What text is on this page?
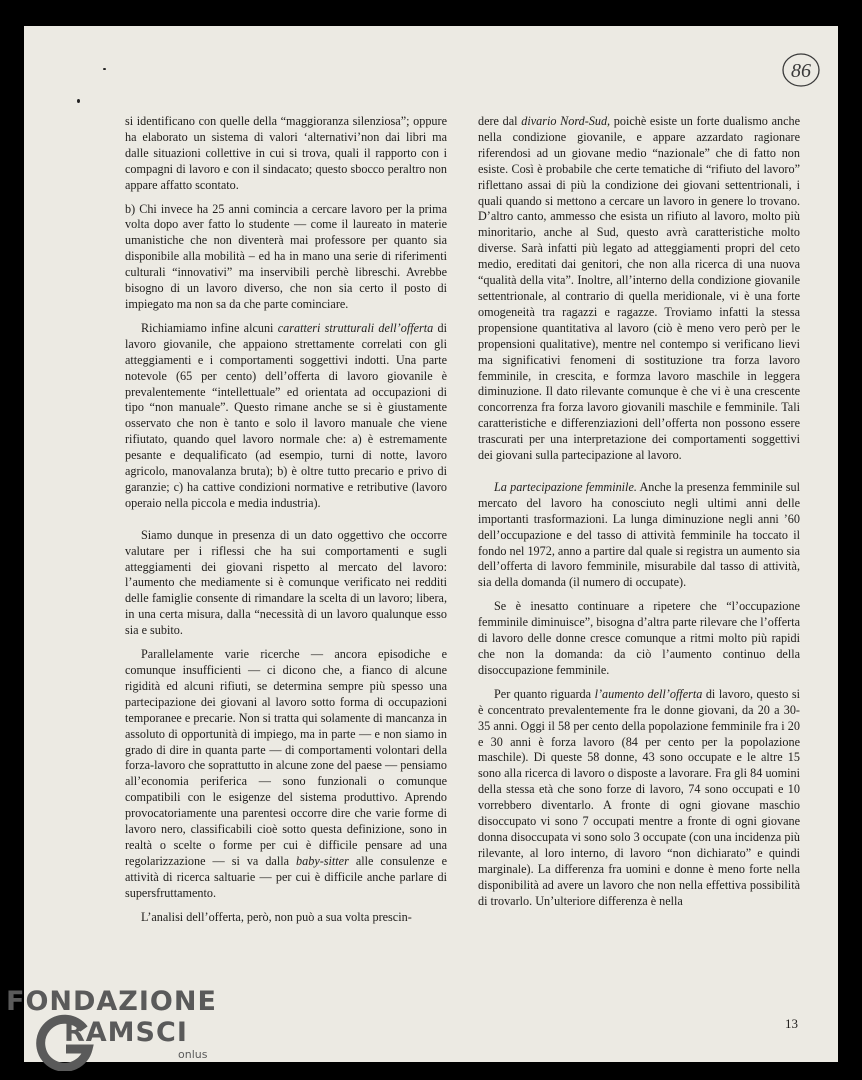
86

si identificano con quelle della “maggioranza silenziosa”; oppure ha elaborato un sistema di valori ‘alternativi’non dai libri ma dalle situazioni collettive in cui si trova, quali il rapporto con i compagni di lavoro e con il sindacato; questo sbocco peraltro non appare affatto scontato.

b) Chi invece ha 25 anni comincia a cercare lavoro per la prima volta dopo aver fatto lo studente — come il laureato in materie umanistiche che non diventerà mai professore per quanto sia disponibile alla mobilità – ed ha in mano una serie di riferimenti culturali “innovativi” ma inservibili perchè libreschi. Avrebbe bisogno di un lavoro diverso, che non sia certo il posto di impiegato ma non sa da che parte cominciare.

Richiamiamo infine alcuni caratteri strutturali dell’offerta di lavoro giovanile, che appaiono strettamente correlati con gli atteggiamenti e i comportamenti soggettivi indotti. Una parte notevole (65 per cento) dell’offerta di lavoro giovanile è prevalentemente “intellettuale” ed orientata ad occupazioni di tipo “non manuale”. Questo rimane anche se si è giustamente osservato che non è tanto e solo il lavoro manuale che viene rifiutato, quando quel lavoro normale che: a) è estremamente pesante e dequalificato (ad esempio, turni di notte, lavoro agricolo, manovalanza bruta); b) è oltre tutto precario e privo di garanzie; c) ha cattive condizioni normative e retributive (lavoro operaio nella piccola e media industria).

Siamo dunque in presenza di un dato oggettivo che occorre valutare per i riflessi che ha sui comportamenti e sugli atteggiamenti dei giovani rispetto al mercato del lavoro: l’aumento che mediamente si è comunque verificato nei redditi delle famiglie consente di rimandare la scelta di un lavoro; libera, in una certa misura, dalla “necessità di un lavoro qualunque esso sia e subito.

Parallelamente varie ricerche — ancora episodiche e comunque insufficienti — ci dicono che, a fianco di alcune rigidità ed alcuni rifiuti, se determina sempre più spesso una partecipazione dei giovani al lavoro sotto forma di occupazioni temporanee e precarie. Non si tratta qui solamente di mancanza in assoluto di opportunità di impiego, ma in parte — e non siamo in grado di dire in quanta parte — di comportamenti volontari della forza-lavoro che soprattutto in alcune zone del paese — pensiamo all’economia periferica — sono funzionali o comunque compatibili con le esigenze del sistema produttivo. Aprendo provocatoriamente una parentesi occorre dire che varie forme di lavoro nero, classificabili cioè sotto questa definizione, sono in realtà o scelte o forme per cui è difficile pensare ad una regolarizzazione — si va dalla baby-sitter alle consulenze e attività di ricerca saltuarie — per cui è difficile anche parlare di supersfruttamento.

L’analisi dell’offerta, però, non può a sua volta prescin-

dere dal divario Nord-Sud, poichè esiste un forte dualismo anche nella condizione giovanile, e appare azzardato ragionare riferendosi ad un giovane medio “nazionale” che di fatto non esiste. Così è probabile che certe tematiche di “rifiuto del lavoro” riflettano assai di più la condizione dei giovani settentrionali, i quali quando si mettono a cercare un lavoro in genere lo trovano. D’altro canto, ammesso che esista un rifiuto al lavoro, molto più minoritario, anche al Sud, questo avrà caratteristiche molto diverse. Sarà infatti più legato ad atteggiamenti propri del ceto medio, ereditati dai genitori, che non alla ricerca di una nuova “qualità della vita”. Inoltre, all’interno della condizione giovanile settentrionale, al contrario di quella meridionale, vi è una forte omogeneità tra ragazzi e ragazze. Troviamo infatti la stessa propensione quantitativa al lavoro (ciò è meno vero però per le propensioni qualitative), mentre nel contempo si verificano lievi ma significativi fenomeni di sostituzione tra forza lavoro femminile, in crescita, e formza lavoro maschile in leggera diminuzione. Il dato rilevante comunque è che vi è una crescente concorrenza fra forza lavoro giovanili maschile e femminile. Tali caratteristiche e differenziazioni dell’offerta non possono essere trascurati per una interpretazione dei comportamenti soggettivi dei giovani sulla partecipazione al lavoro.

La partecipazione femminile. Anche la presenza femminile sul mercato del lavoro ha conosciuto negli ultimi anni delle importanti trasformazioni. La lunga diminuzione negli anni ’60 dell’occupazione e del tasso di attività femminile ha toccato il fondo nel 1972, anno a partire dal quale si registra un aumento sia dell’offerta di lavoro femminile, misurabile dal tasso di attività, sia della domanda (il numero di occupate).

Se è inesatto continuare a ripetere che “l’occupazione femminile diminuisce”, bisogna d’altra parte rilevare che l’offerta di lavoro delle donne cresce comunque a ritmi molto più rapidi che non la domanda: da ciò l’aumento continuo della disoccupazione femminile.

Per quanto riguarda l’aumento dell’offerta di lavoro, questo si è concentrato prevalentemente fra le donne giovani, da 20 a 30-35 anni. Oggi il 58 per cento della popolazione femminile fra i 20 e 30 anni è forza lavoro (84 per cento per la popolazione maschile). Di queste 58 donne, 43 sono occupate e le altre 15 sono alla ricerca di lavoro o disposte a lavorare. Fra gli 84 uomini della stessa età che sono forze di lavoro, 74 sono occupati e 10 vorrebbero diventarlo. A fronte di ogni giovane maschio disoccupato vi sono 7 occupati mentre a fronte di ogni giovane donna disoccupata vi sono solo 3 occupate (con una incidenza più rilevante, al loro interno, di lavoro “non dichiarato” e quindi marginale). La differenza fra uomini e donne è meno forte nella disponibilità ad avere un lavoro che non nella effettiva possibilità di trovarlo. Un’ulteriore differenza è nella

13
FONDAZIONE
RAMSCI
onlus
